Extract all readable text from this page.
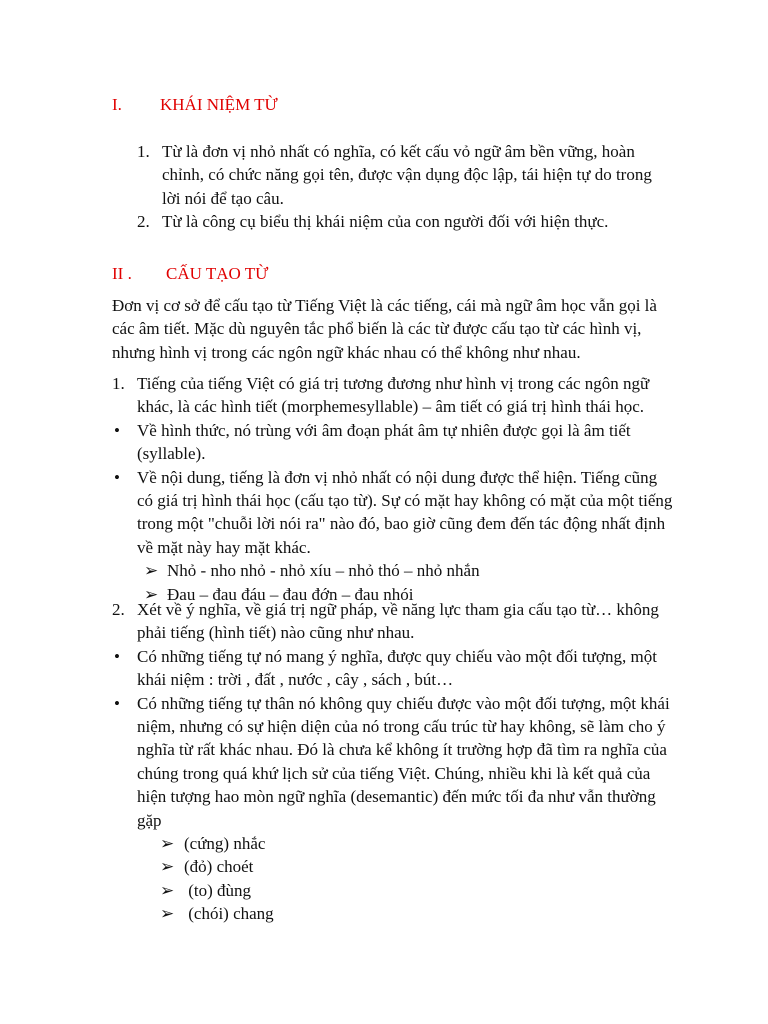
I. KHÁI NIỆM TỪ
1. Từ là đơn vị nhỏ nhất có nghĩa, có kết cấu vỏ ngữ âm bền vững, hoàn chỉnh, có chức năng gọi tên, được vận dụng độc lập, tái hiện tự do trong lời nói để tạo câu.

2. Từ là công cụ biểu thị khái niệm của con người đối với hiện thực.

II . CẤU TẠO TỪ

Đơn vị cơ sở để cấu tạo từ Tiếng Việt là các tiếng, cái mà ngữ âm học vẫn gọi là các âm tiết. Mặc dù nguyên tắc phổ biến là các từ được cấu tạo từ các hình vị, nhưng hình vị trong các ngôn ngữ khác nhau có thể không như nhau.

1. Tiếng của tiếng Việt có giá trị tương đương như hình vị trong các ngôn ngữ khác, là các hình tiết (morphemesyllable) – âm tiết có giá trị hình thái học.

• Về hình thức, nó trùng với âm đoạn phát âm tự nhiên được gọi là âm tiết (syllable).

• Về nội dung, tiếng là đơn vị nhỏ nhất có nội dung được thể hiện. Tiếng cũng có giá trị hình thái học (cấu tạo từ). Sự có mặt hay không có mặt của một tiếng trong một "chuỗi lời nói ra" nào đó, bao giờ cũng đem đến tác động nhất định về mặt này hay mặt khác.

➢ Nhỏ - nho nhỏ - nhỏ xíu – nhỏ thó – nhỏ nhắn

➢ Đau – đau đáu – đau đớn – đau nhói

2. Xét về ý nghĩa, về giá trị ngữ pháp, về năng lực tham gia cấu tạo từ… không phải tiếng (hình tiết) nào cũng như nhau.

• Có những tiếng tự nó mang ý nghĩa, được quy chiếu vào một đối tượng, một khái niệm : trời , đất , nước , cây , sách , bút…

• Có những tiếng tự thân nó không quy chiếu được vào một đối tượng, một khái niệm, nhưng có sự hiện diện của nó trong cấu trúc từ hay không, sẽ làm cho ý nghĩa từ rất khác nhau. Đó là chưa kể không ít trường hợp đã tìm ra nghĩa của chúng trong quá khứ lịch sử của tiếng Việt. Chúng, nhiều khi là kết quả của hiện tượng hao mòn ngữ nghĩa (desemantic) đến mức tối đa như vẫn thường gặp

➢ (cứng) nhắc

➢ (đỏ) choét

➢ (to) đùng

➢ (chói) chang
